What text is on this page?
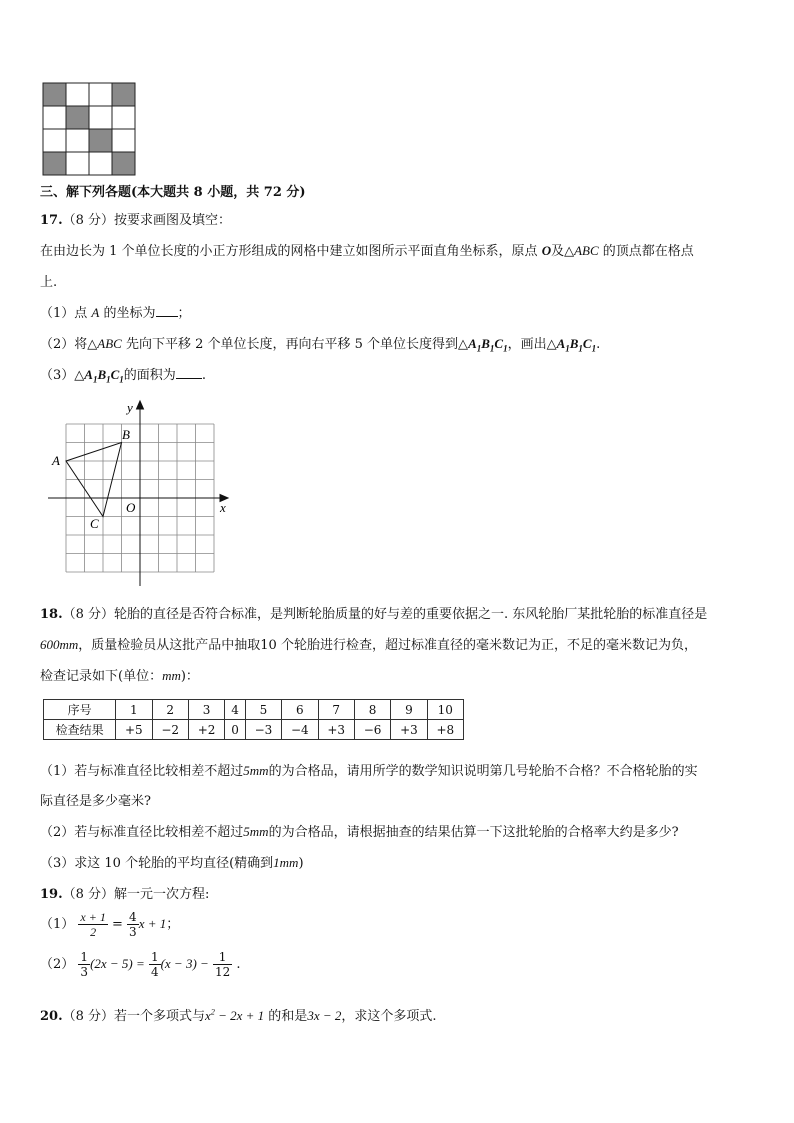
三、解下列各题(本大题共 8 小题，共 72 分)
17.（8 分）按要求画图及填空：
在由边长为 1 个单位长度的小正方形组成的网格中建立如图所示平面直角坐标系，原点 O及△ABC 的顶点都在格点
上.
（1）点 A 的坐标为 ；
（2）将△ABC 先向下平移 2 个单位长度，再向右平移 5 个单位长度得到$\triangle A_1B_1C_1$，画出$\triangle A_1B_1C_1$.
$(3)\triangle A_1B_1C_1$的面积为 .
y
x
O
A
B
C
18.（8 分）轮胎的直径是否符合标准，是判断轮胎质量的好与差的重要依据之一. 东风轮胎厂某批轮胎的标准直径是
600mm，质量检验员从这批产品中抽取10 个轮胎进行检查，超过标准直径的毫米数记为正，不足的毫米数记为负，
检查记录如下(单位：mm)：
序号	1	2	3	4	5	6	7	8	9	10
检查结果	+5	−2	+2	0	−3	−4	+3	−6	+3	+8
（1）若与标准直径比较相差不超过5mm的为合格品，请用所学的数学知识说明第几号轮胎不合格？不合格轮胎的实
际直径是多少毫米?
（2）若与标准直径比较相差不超过5mm的为合格品，请根据抽查的结果估算一下这批轮胎的合格率大约是多少?
（3）求这 10 个轮胎的平均直径(精确到1mm)
19.（8 分）解一元一次方程:
$(1) \frac{x + 1}{2} = \frac{4}{3}$ x + 1；
$(2) \frac{1}{3} (2x - 5) = \frac{1}{4} (x - 3) - \frac{1}{12}$ .
20.（8 分）若一个多项式与$x^2 - 2x + 1$ 的和是3x − 2，求这个多项式.
